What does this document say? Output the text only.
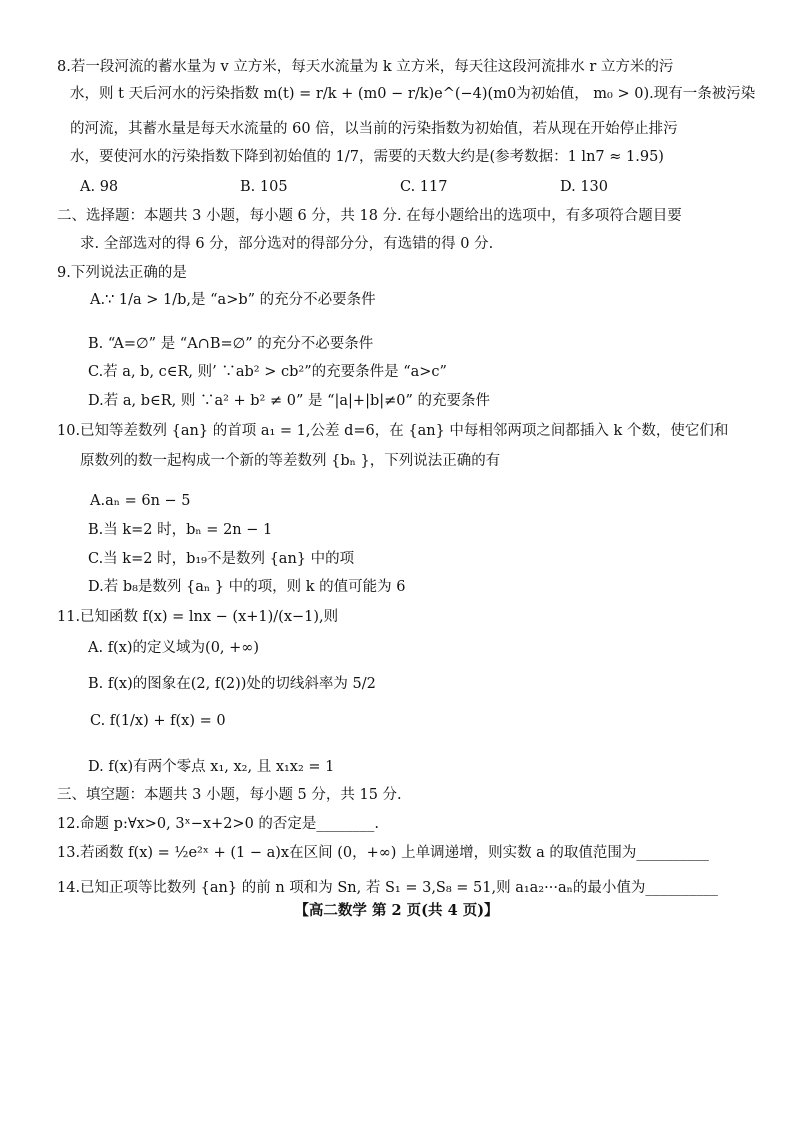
8.若一段河流的蓄水量为 v 立方米，每天水流量为 k 立方米，每天往这段河流排水 r 立方米的污
水，则 t 天后河水的污染指数 m(t) = r/k + (m0 − r/k)e^(−4)(m0为初始值， m₀ > 0).现有一条被污染
的河流，其蓄水量是每天水流量的 60 倍，以当前的污染指数为初始值，若从现在开始停止排污
水，要使河水的污染指数下降到初始值的 1/7，需要的天数大约是(参考数据：1 ln7 ≈ 1.95)
A. 98	B. 105	C. 117	D. 130
二、选择题：本题共 3 小题，每小题 6 分，共 18 分. 在每小题给出的选项中，有多项符合题目要
求. 全部选对的得 6 分，部分选对的得部分分，有选错的得 0 分.
9.下列说法正确的是
A.∵ 1/a > 1/b,是 “a>b” 的充分不必要条件
B. “A=∅” 是 “A∩B=∅” 的充分不必要条件
C.若 a, b, c∈R, 则’ ∵ab² > cb²”的充要条件是 “a>c”
D.若 a, b∈R, 则 ∵a² + b² ≠ 0” 是 “|a|+|b|≠0” 的充要条件
10.已知等差数列 {an} 的首项 a₁ = 1,公差 d=6，在 {an} 中每相邻两项之间都插入 k 个数，使它们和
原数列的数一起构成一个新的等差数列 {bₙ }，下列说法正确的有
A.aₙ = 6n − 5
B.当 k=2 时，bₙ = 2n − 1
C.当 k=2 时，b₁₉不是数列 {an} 中的项
D.若 b₈是数列 {aₙ } 中的项，则 k 的值可能为 6
11.已知函数 f(x) = lnx − (x+1)/(x−1),则
A. f(x)的定义域为(0, +∞)
B. f(x)的图象在(2, f(2))处的切线斜率为 5/2
C. f(1/x) + f(x) = 0
D. f(x)有两个零点 x₁, x₂, 且 x₁x₂ = 1
三、填空题：本题共 3 小题，每小题 5 分，共 15 分.
12.命题 p:∀x>0, 3ˣ−x+2>0 的否定是________.
13.若函数 f(x) = ½e²ˣ + (1 − a)x在区间 (0，+∞) 上单调递增，则实数 a 的取值范围为__________
14.已知正项等比数列 {an} 的前 n 项和为 Sn, 若 S₁ = 3,S₈ = 51,则 a₁a₂···aₙ的最小值为__________
【高二数学 第 2 页(共 4 页)】
